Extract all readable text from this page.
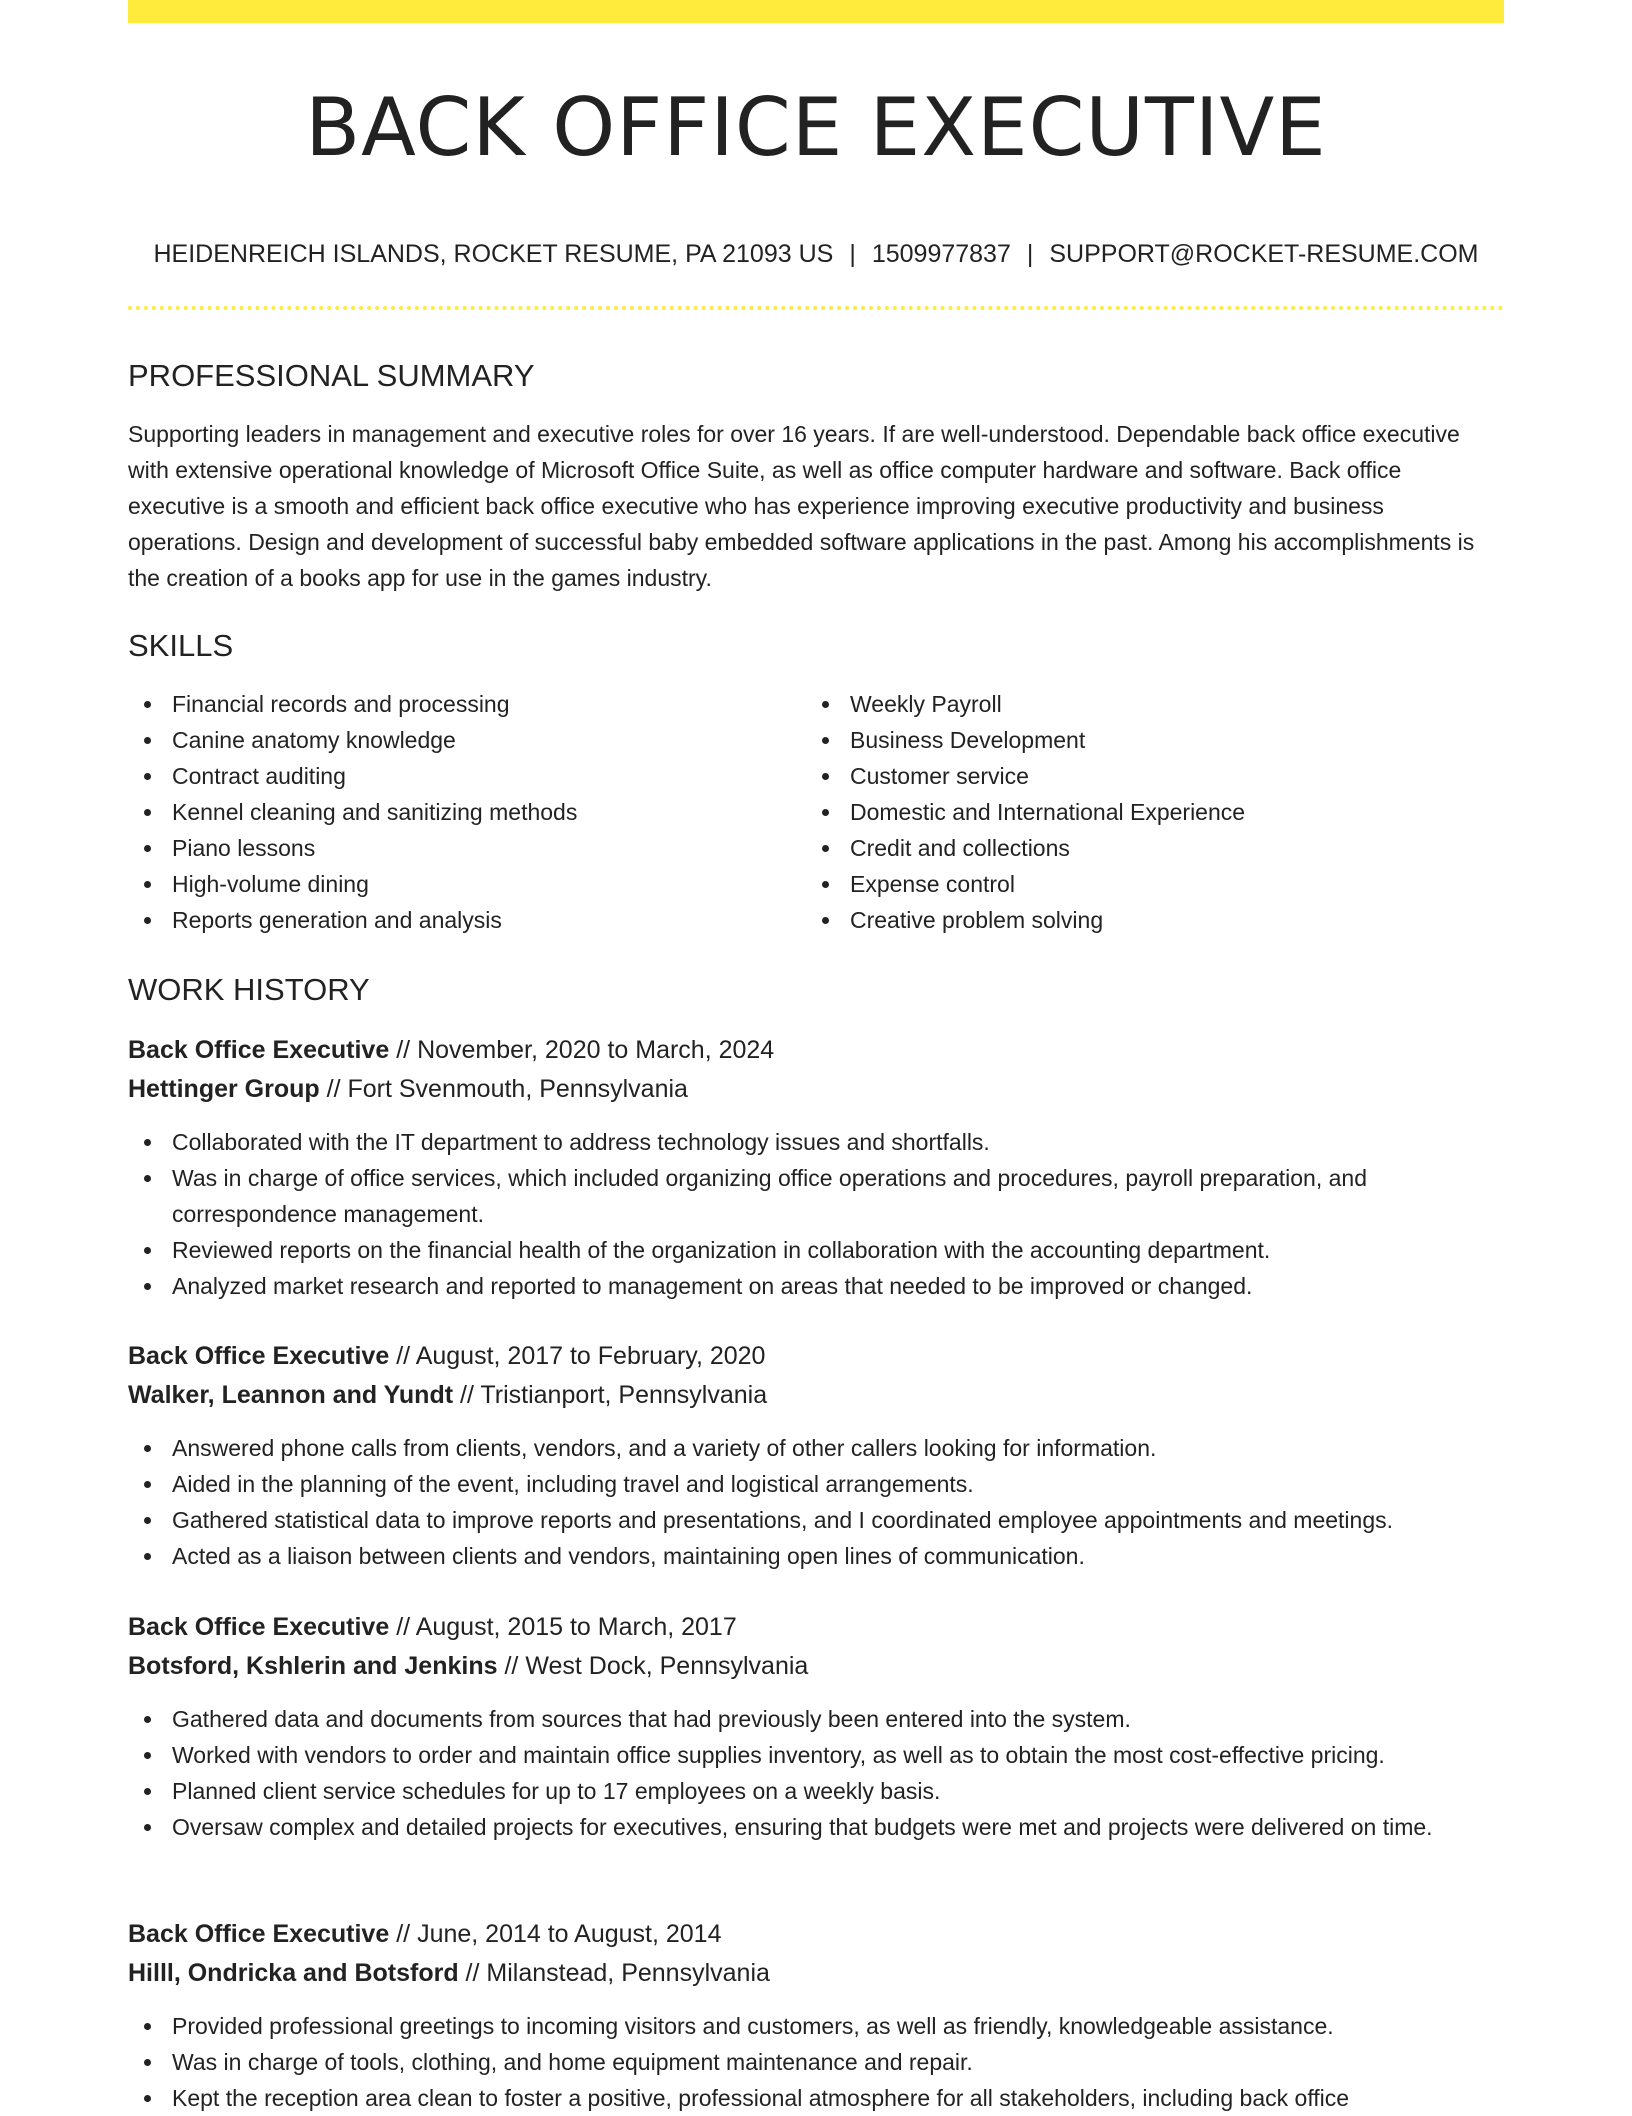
BACK OFFICE EXECUTIVE
HEIDENREICH ISLANDS, ROCKET RESUME, PA 21093 US | 1509977837 | SUPPORT@ROCKET-RESUME.COM
PROFESSIONAL SUMMARY

Supporting leaders in management and executive roles for over 16 years. If are well-understood. Dependable back office executive with extensive operational knowledge of Microsoft Office Suite, as well as office computer hardware and software. Back office executive is a smooth and efficient back office executive who has experience improving executive productivity and business operations. Design and development of successful baby embedded software applications in the past. Among his accomplishments is the creation of a books app for use in the games industry.

SKILLS
Financial records and processing
Canine anatomy knowledge
Contract auditing
Kennel cleaning and sanitizing methods
Piano lessons
High-volume dining
Reports generation and analysis
Weekly Payroll
Business Development
Customer service
Domestic and International Experience
Credit and collections
Expense control
Creative problem solving
WORK HISTORY
Back Office Executive // November, 2020 to March, 2024
Hettinger Group // Fort Svenmouth, Pennsylvania
Collaborated with the IT department to address technology issues and shortfalls.
Was in charge of office services, which included organizing office operations and procedures, payroll preparation, and correspondence management.
Reviewed reports on the financial health of the organization in collaboration with the accounting department.
Analyzed market research and reported to management on areas that needed to be improved or changed.
Back Office Executive // August, 2017 to February, 2020
Walker, Leannon and Yundt // Tristianport, Pennsylvania
Answered phone calls from clients, vendors, and a variety of other callers looking for information.
Aided in the planning of the event, including travel and logistical arrangements.
Gathered statistical data to improve reports and presentations, and I coordinated employee appointments and meetings.
Acted as a liaison between clients and vendors, maintaining open lines of communication.
Back Office Executive // August, 2015 to March, 2017
Botsford, Kshlerin and Jenkins // West Dock, Pennsylvania
Gathered data and documents from sources that had previously been entered into the system.
Worked with vendors to order and maintain office supplies inventory, as well as to obtain the most cost-effective pricing.
Planned client service schedules for up to 17 employees on a weekly basis.
Oversaw complex and detailed projects for executives, ensuring that budgets were met and projects were delivered on time.
Back Office Executive // June, 2014 to August, 2014
Hilll, Ondricka and Botsford // Milanstead, Pennsylvania
Provided professional greetings to incoming visitors and customers, as well as friendly, knowledgeable assistance.
Was in charge of tools, clothing, and home equipment maintenance and repair.
Kept the reception area clean to foster a positive, professional atmosphere for all stakeholders, including back office
